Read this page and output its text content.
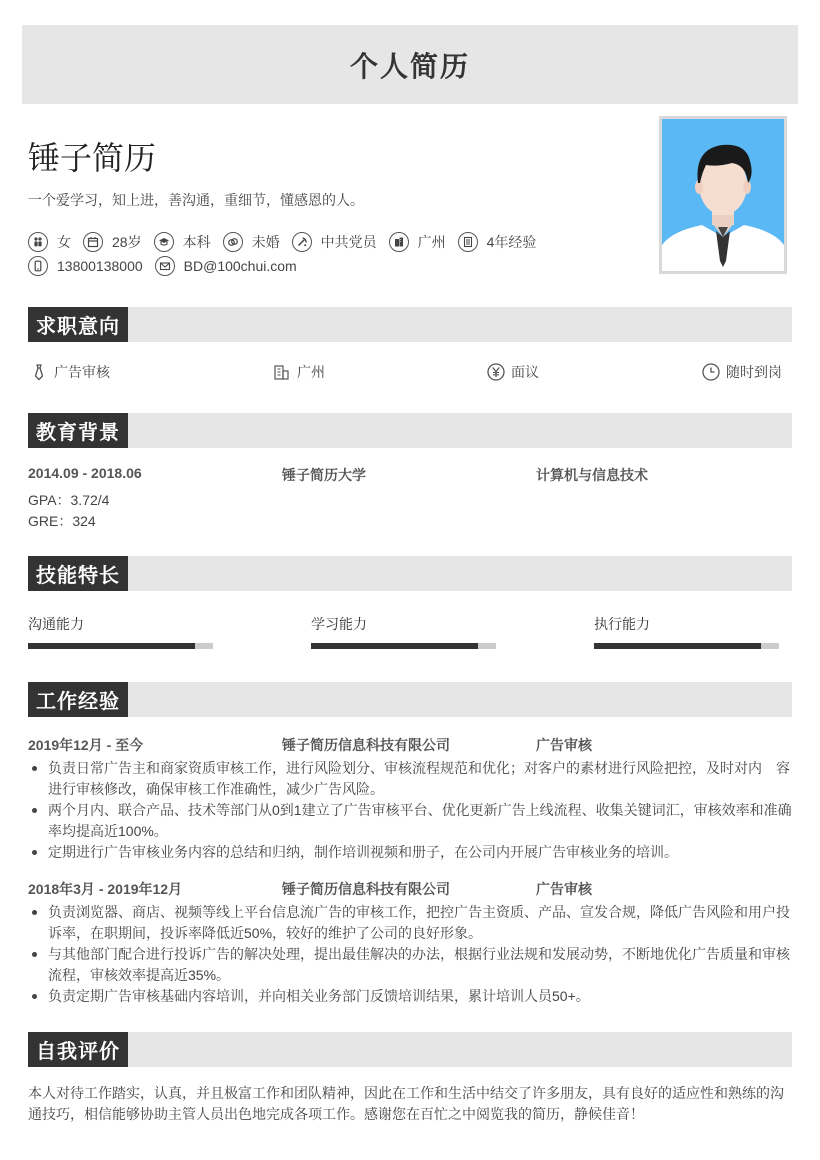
个人简历
锤子简历
一个爱学习，知上进，善沟通，重细节，懂感恩的人。
女	28岁	本科	未婚	中共党员	广州	4年经验
13800138000	BD@100chui.com
求职意向
广告审核	广州	面议	随时到岗
教育背景
2014.09 - 2018.06	锤子简历大学	计算机与信息技术
GPA：3.72/4
GRE：324
技能特长
沟通能力	学习能力	执行能力
工作经验
2019年12月 - 至今	锤子简历信息科技有限公司	广告审核
负责日常广告主和商家资质审核工作，进行风险划分、审核流程规范和优化；对客户的素材进行风险把控，及时对内　容进行审核修改，确保审核工作准确性，减少广告风险。
两个月内、联合产品、技术等部门从0到1建立了广告审核平台、优化更新广告上线流程、收集关键词汇，审核效率和准确率均提高近100%。
定期进行广告审核业务内容的总结和归纳，制作培训视频和册子，在公司内开展广告审核业务的培训。
2018年3月 - 2019年12月	锤子简历信息科技有限公司	广告审核
负责浏览器、商店、视频等线上平台信息流广告的审核工作，把控广告主资质、产品、宣发合规，降低广告风险和用户投诉率，在职期间，投诉率降低近50%，较好的维护了公司的良好形象。
与其他部门配合进行投诉广告的解决处理，提出最佳解决的办法，根据行业法规和发展动势，不断地优化广告质量和审核流程，审核效率提高近35%。
负责定期广告审核基础内容培训，并向相关业务部门反馈培训结果，累计培训人员50+。
自我评价
本人对待工作踏实，认真，并且极富工作和团队精神，因此在工作和生活中结交了许多朋友，具有良好的适应性和熟练的沟通技巧，相信能够协助主管人员出色地完成各项工作。感谢您在百忙之中阅览我的简历，静候佳音！
